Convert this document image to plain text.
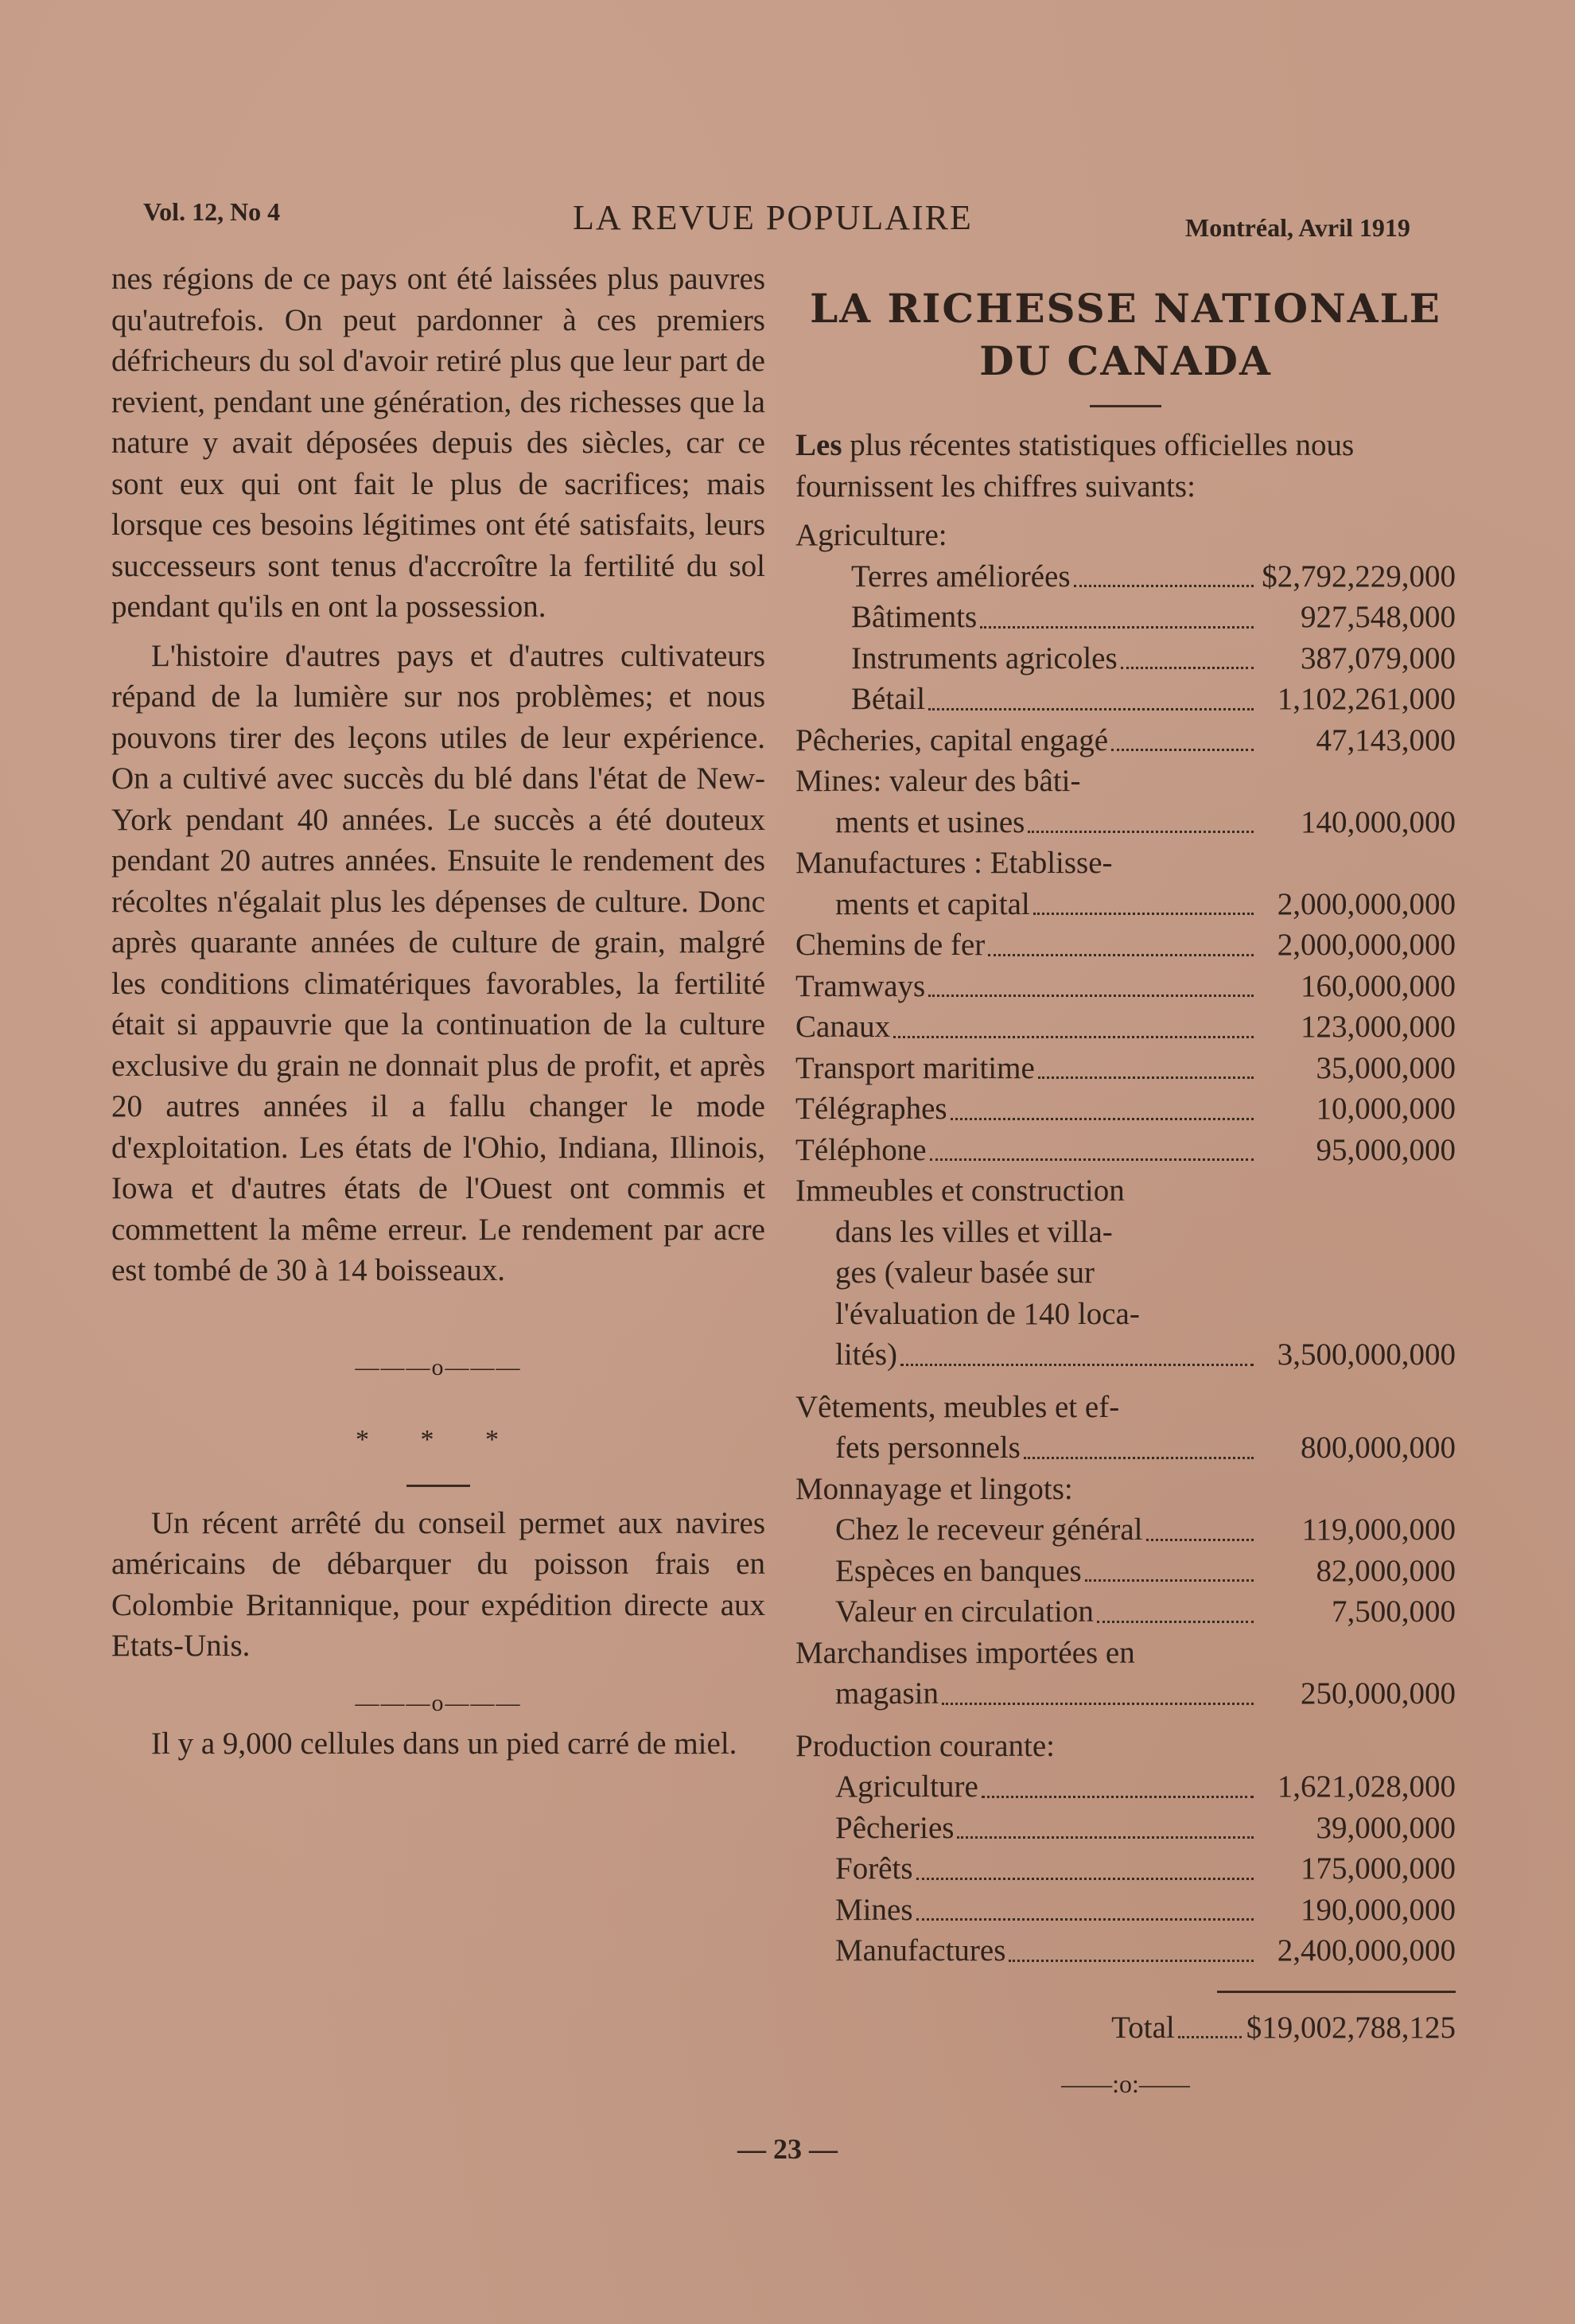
Vol. 12, No 4	LA REVUE POPULAIRE	Montréal, Avril 1919

nes régions de ce pays ont été laissées plus pauvres qu'autrefois. On peut pardonner à ces premiers défricheurs du sol d'avoir retiré plus que leur part de revient, pendant une génération, des richesses que la nature y avait déposées depuis des siècles, car ce sont eux qui ont fait le plus de sacrifices; mais lorsque ces besoins légitimes ont été satisfaits, leurs successeurs sont tenus d'accroître la fertilité du sol pendant qu'ils en ont la possession.

L'histoire d'autres pays et d'autres cultivateurs répand de la lumière sur nos problèmes; et nous pouvons tirer des leçons utiles de leur expérience. On a cultivé avec succès du blé dans l'état de New-York pendant 40 années. Le succès a été douteux pendant 20 autres années. Ensuite le rendement des récoltes n'égalait plus les dépenses de culture. Donc après quarante années de culture de grain, malgré les conditions climatériques favorables, la fertilité était si appauvrie que la continuation de la culture exclusive du grain ne donnait plus de profit, et après 20 autres années il a fallu changer le mode d'exploitation. Les états de l'Ohio, Indiana, Illinois, Iowa et d'autres états de l'Ouest ont commis et commettent la même erreur. Le rendement par acre est tombé de 30 à 14 boisseaux.

———o———
* * *

Un récent arrêté du conseil permet aux navires américains de débarquer du poisson frais en Colombie Britannique, pour expédition directe aux Etats-Unis.

———o———

Il y a 9,000 cellules dans un pied carré de miel.

LA RICHESSE NATIONALE
DU CANADA

Les plus récentes statistiques officielles nous fournissent les chiffres suivants:

Agriculture:
Terres améliorées	$2,792,229,000
Bâtiments	927,548,000
Instruments agricoles	387,079,000
Bétail	1,102,261,000
Pêcheries, capital engagé	47,143,000
Mines: valeur des bâti-
ments et usines	140,000,000
Manufactures : Etablisse-
ments et capital	2,000,000,000
Chemins de fer	2,000,000,000
Tramways	160,000,000
Canaux	123,000,000
Transport maritime	35,000,000
Télégraphes	10,000,000
Téléphone	95,000,000
Immeubles et construction
dans les villes et villa-
ges (valeur basée sur
l'évaluation de 140 loca-
lités)	3,500,000,000
Vêtements, meubles et ef-
fets personnels	800,000,000
Monnayage et lingots:
Chez le receveur général	119,000,000
Espèces en banques	82,000,000
Valeur en circulation	7,500,000
Marchandises importées en
magasin	250,000,000
Production courante:
Agriculture	1,621,028,000
Pêcheries	39,000,000
Forêts	175,000,000
Mines	190,000,000
Manufactures	2,400,000,000
Total $19,002,788,125
——:o:——
— 23 —
